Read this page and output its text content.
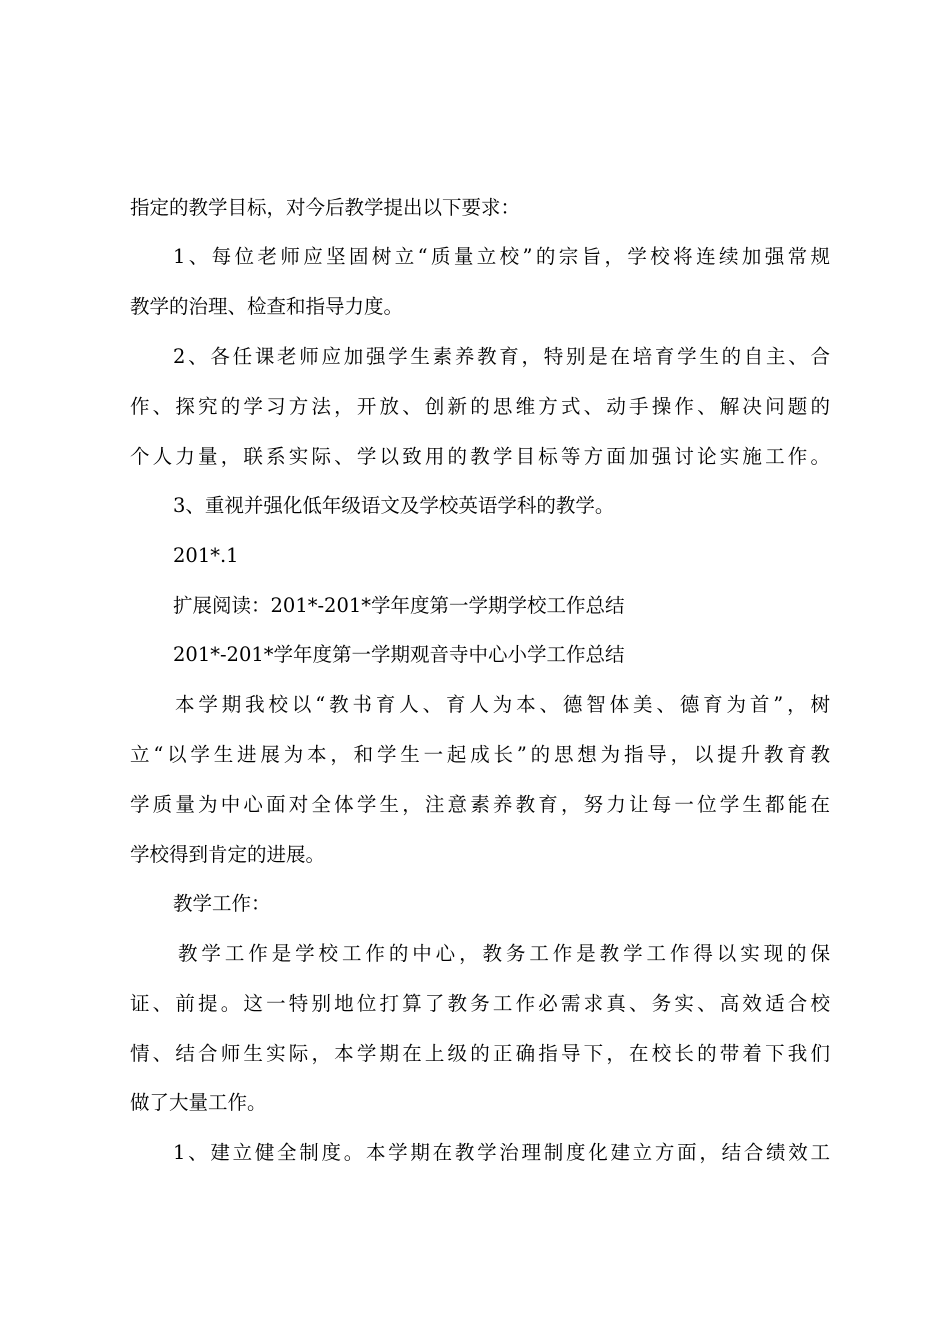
指定的教学目标，对今后教学提出以下要求：
1、每位老师应坚固树立“质量立校”的宗旨，学校将连续加强常规
教学的治理、检查和指导力度。
2、各任课老师应加强学生素养教育，特别是在培育学生的自主、合
作、探究的学习方法，开放、创新的思维方式、动手操作、解决问题的
个人力量，联系实际、学以致用的教学目标等方面加强讨论实施工作。
3、重视并强化低年级语文及学校英语学科的教学。
201*.1
扩展阅读：201*-201*学年度第一学期学校工作总结
201*-201*学年度第一学期观音寺中心小学工作总结
本学期我校以“教书育人、育人为本、德智体美、德育为首”，树
立“以学生进展为本，和学生一起成长”的思想为指导，以提升教育教
学质量为中心面对全体学生，注意素养教育，努力让每一位学生都能在
学校得到肯定的进展。
教学工作：
教学工作是学校工作的中心，教务工作是教学工作得以实现的保
证、前提。这一特别地位打算了教务工作必需求真、务实、高效适合校
情、结合师生实际，本学期在上级的正确指导下，在校长的带着下我们
做了大量工作。
1、建立健全制度。本学期在教学治理制度化建立方面，结合绩效工
